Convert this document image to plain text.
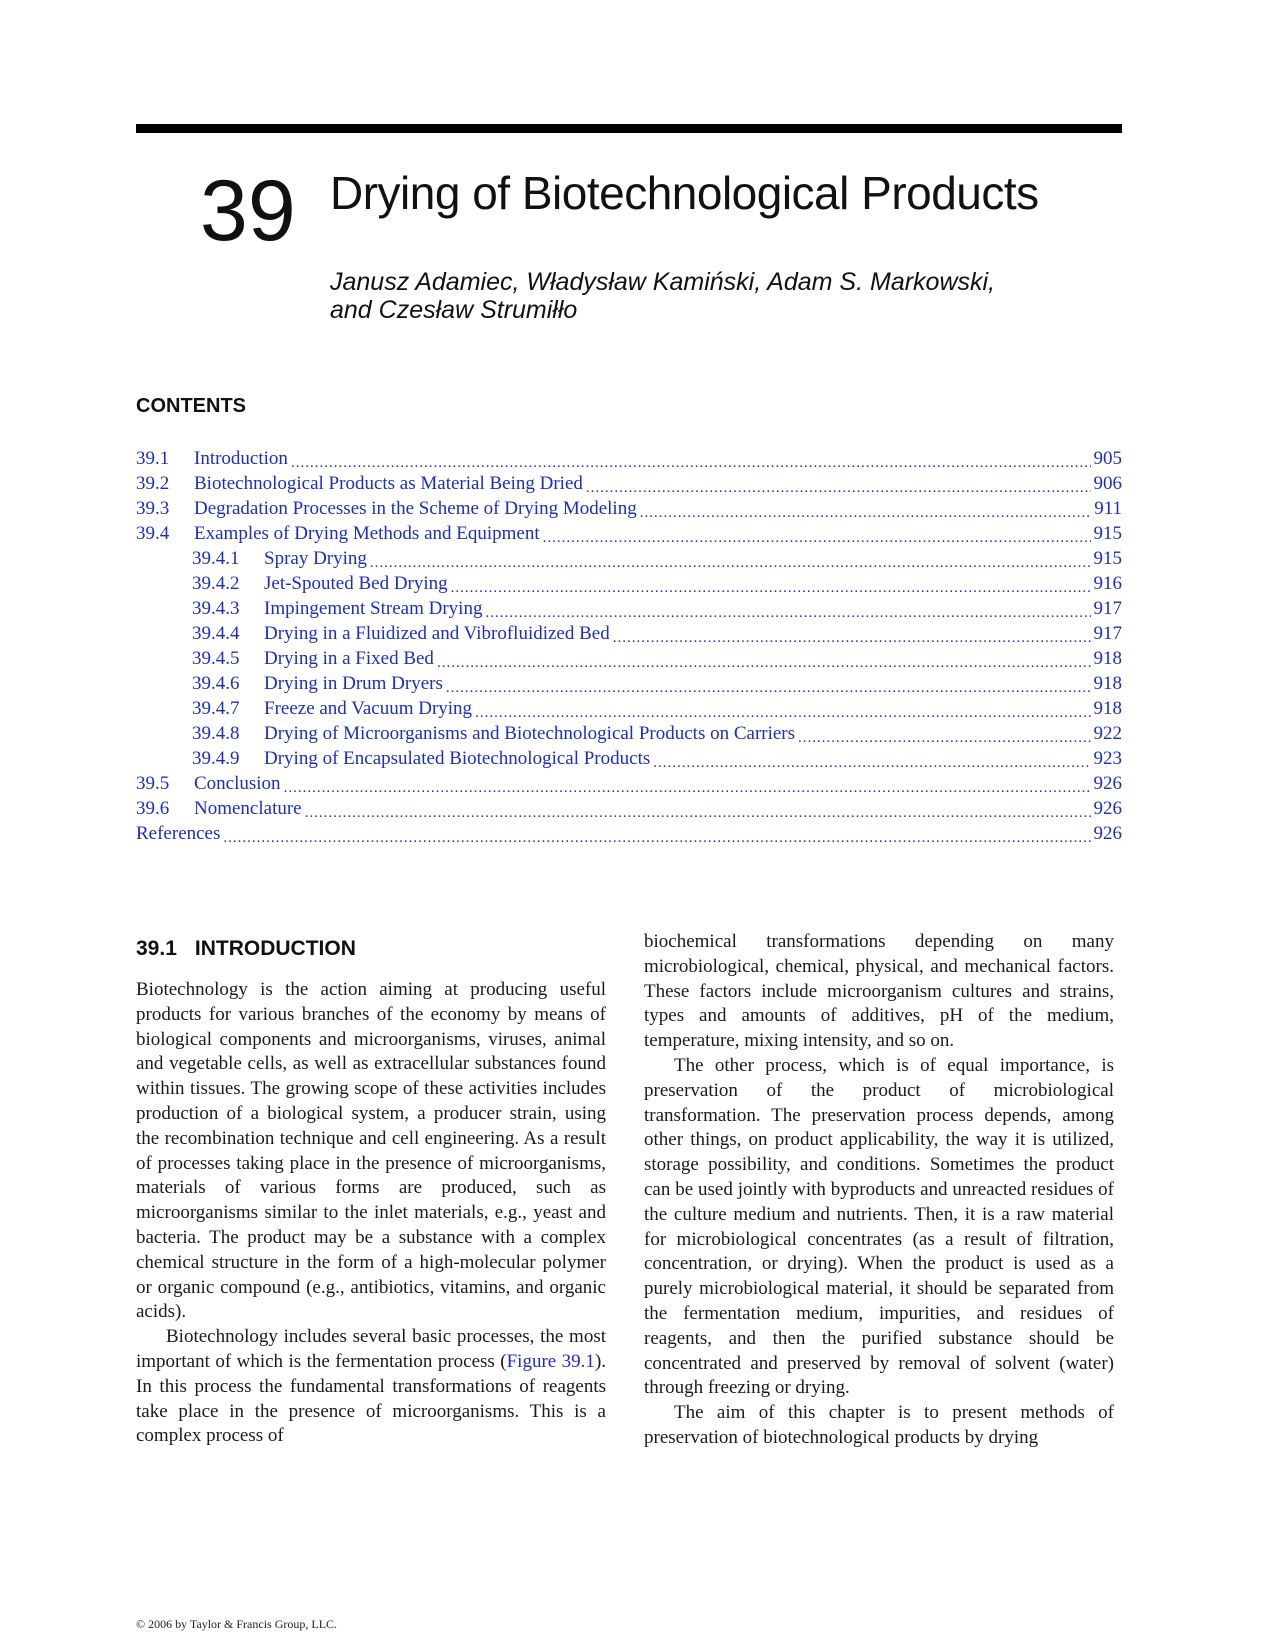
39 Drying of Biotechnological Products
Janusz Adamiec, Władysław Kamiński, Adam S. Markowski,
and Czesław Strumiłło
CONTENTS
39.1	Introduction .....	905
39.2	Biotechnological Products as Material Being Dried .....	906
39.3	Degradation Processes in the Scheme of Drying Modeling .....	911
39.4	Examples of Drying Methods and Equipment .....	915
39.4.1	Spray Drying .....	915
39.4.2	Jet-Spouted Bed Drying .....	916
39.4.3	Impingement Stream Drying .....	917
39.4.4	Drying in a Fluidized and Vibrofluidized Bed .....	917
39.4.5	Drying in a Fixed Bed .....	918
39.4.6	Drying in Drum Dryers .....	918
39.4.7	Freeze and Vacuum Drying .....	918
39.4.8	Drying of Microorganisms and Biotechnological Products on Carriers .....	922
39.4.9	Drying of Encapsulated Biotechnological Products .....	923
39.5	Conclusion .....	926
39.6	Nomenclature .....	926
References .....	926
39.1 INTRODUCTION

Biotechnology is the action aiming at producing useful products for various branches of the economy by means of biological components and microorganisms, viruses, animal and vegetable cells, as well as extracellular substances found within tissues. The growing scope of these activities includes production of a biological system, a producer strain, using the recombination technique and cell engineering. As a result of processes taking place in the presence of microorganisms, materials of various forms are produced, such as microorganisms similar to the inlet materials, e.g., yeast and bacteria. The product may be a substance with a complex chemical structure in the form of a high-molecular polymer or organic compound (e.g., antibiotics, vitamins, and organic acids).

Biotechnology includes several basic processes, the most important of which is the fermentation process (Figure 39.1). In this process the fundamental transformations of reagents take place in the presence of microorganisms. This is a complex process of

biochemical transformations depending on many microbiological, chemical, physical, and mechanical factors. These factors include microorganism cultures and strains, types and amounts of additives, pH of the medium, temperature, mixing intensity, and so on.

The other process, which is of equal importance, is preservation of the product of microbiological transformation. The preservation process depends, among other things, on product applicability, the way it is utilized, storage possibility, and conditions. Sometimes the product can be used jointly with byproducts and unreacted residues of the culture medium and nutrients. Then, it is a raw material for microbiological concentrates (as a result of filtration, concentration, or drying). When the product is used as a purely microbiological material, it should be separated from the fermentation medium, impurities, and residues of reagents, and then the purified substance should be concentrated and preserved by removal of solvent (water) through freezing or drying.

The aim of this chapter is to present methods of preservation of biotechnological products by drying

© 2006 by Taylor & Francis Group, LLC.
